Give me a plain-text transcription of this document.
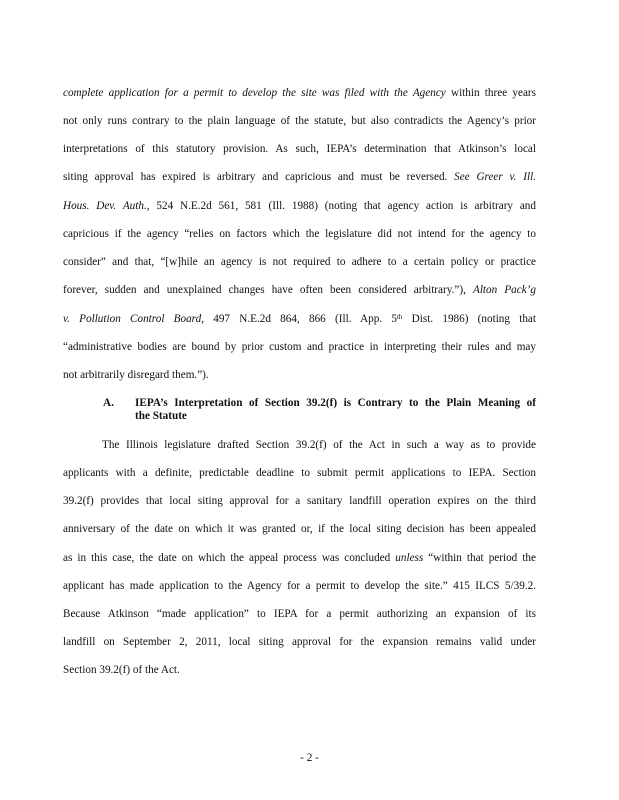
complete application for a permit to develop the site was filed with the Agency within three years
not only runs contrary to the plain language of the statute, but also contradicts the Agency’s prior
interpretations of this statutory provision. As such, IEPA’s determination that Atkinson’s local
siting approval has expired is arbitrary and capricious and must be reversed. See Greer v. Ill.
Hous. Dev. Auth., 524 N.E.2d 561, 581 (Ill. 1988) (noting that agency action is arbitrary and
capricious if the agency “relies on factors which the legislature did not intend for the agency to
consider” and that, “[w]hile an agency is not required to adhere to a certain policy or practice
forever, sudden and unexplained changes have often been considered arbitrary.”), Alton Pack’g
v. Pollution Control Board, 497 N.E.2d 864, 866 (Ill. App. 5th Dist. 1986) (noting that
“administrative bodies are bound by prior custom and practice in interpreting their rules and may
not arbitrarily disregard them.”).
A. IEPA’s Interpretation of Section 39.2(f) is Contrary to the Plain Meaning of
the Statute
The Illinois legislature drafted Section 39.2(f) of the Act in such a way as to provide
applicants with a definite, predictable deadline to submit permit applications to IEPA. Section
39.2(f) provides that local siting approval for a sanitary landfill operation expires on the third
anniversary of the date on which it was granted or, if the local siting decision has been appealed
as in this case, the date on which the appeal process was concluded unless “within that period the
applicant has made application to the Agency for a permit to develop the site.” 415 ILCS 5/39.2.
Because Atkinson “made application” to IEPA for a permit authorizing an expansion of its
landfill on September 2, 2011, local siting approval for the expansion remains valid under
Section 39.2(f) of the Act.
- 2 -
